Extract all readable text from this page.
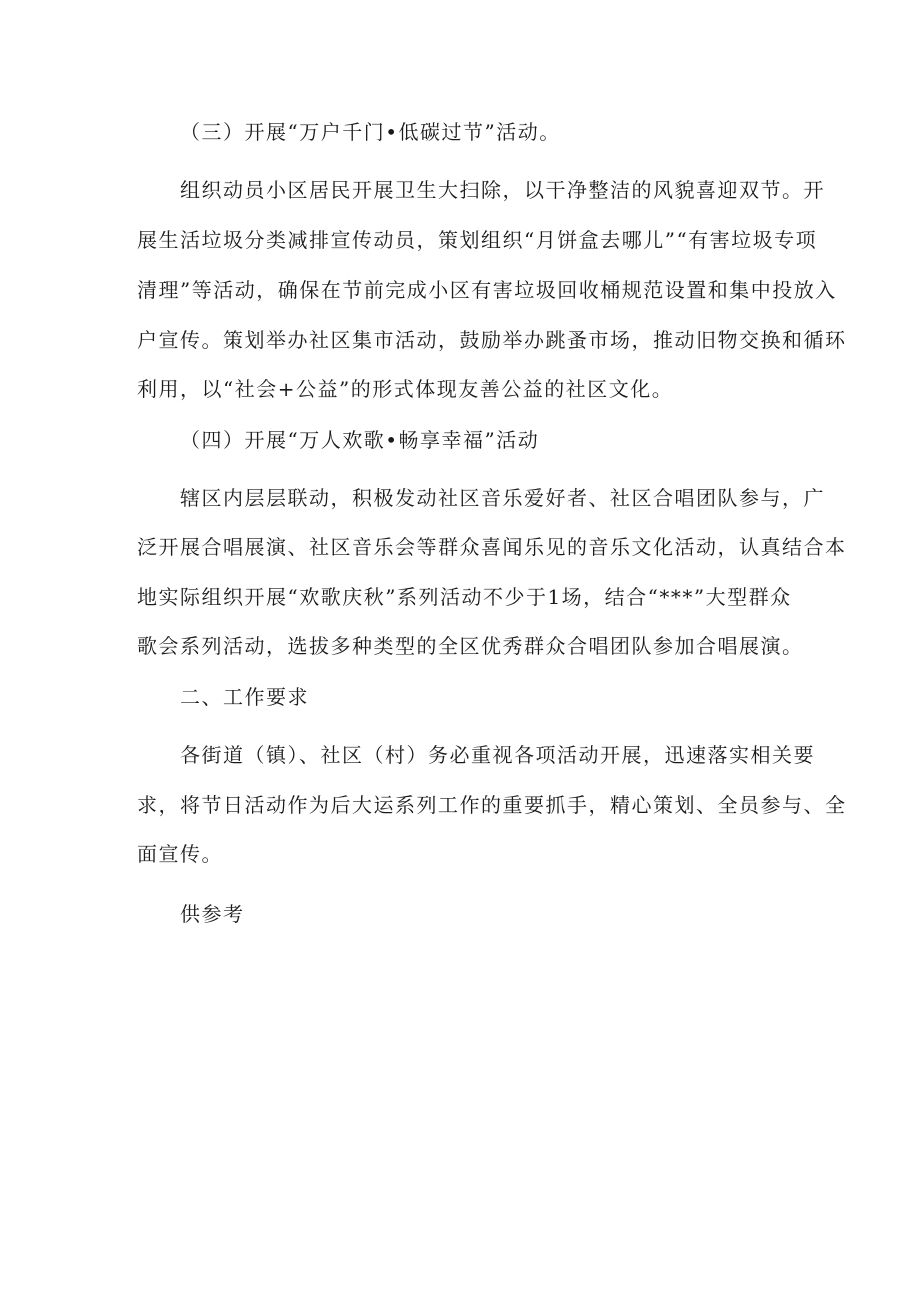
（三）开展“万户千门•低碳过节”活动。
组织动员小区居民开展卫生大扫除，以干净整洁的风貌喜迎双节。开
展生活垃圾分类减排宣传动员，策划组织“月饼盒去哪儿”“有害垃圾专项
清理”等活动，确保在节前完成小区有害垃圾回收桶规范设置和集中投放入
户宣传。策划举办社区集市活动，鼓励举办跳蚤市场，推动旧物交换和循环
利用，以“社会+公益”的形式体现友善公益的社区文化。
（四）开展“万人欢歌•畅享幸福”活动
辖区内层层联动，积极发动社区音乐爱好者、社区合唱团队参与，广
泛开展合唱展演、社区音乐会等群众喜闻乐见的音乐文化活动，认真结合本
地实际组织开展“欢歌庆秋”系列活动不少于1场，结合“***”大型群众
歌会系列活动，选拔多种类型的全区优秀群众合唱团队参加合唱展演。
二、工作要求
各街道（镇）、社区（村）务必重视各项活动开展，迅速落实相关要
求，将节日活动作为后大运系列工作的重要抓手，精心策划、全员参与、全
面宣传。
供参考
